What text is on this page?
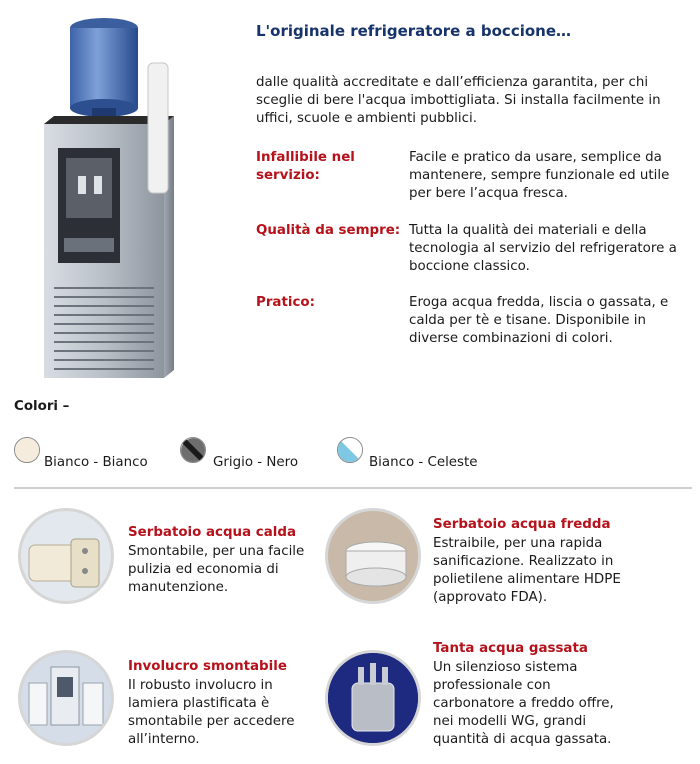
L'originale refrigeratore a boccione…
dalle qualità accreditate e dall’efficienza garantita, per chi sceglie di bere l'acqua imbottigliata. Si installa facilmente in uffici, scuole e ambienti pubblici.
Infallibile nel servizio:
Facile e pratico da usare, semplice da mantenere, sempre funzionale ed utile per bere l’acqua fresca.
Qualità da sempre: Tutta la qualità dei materiali e della tecnologia al servizio del refrigeratore a boccione classico.
Pratico:	Eroga acqua fredda, liscia o gassata, e calda per tè e tisane. Disponibile in diverse combinazioni di colori.
Colori –
Bianco - Bianco	Grigio - Nero	Bianco - Celeste
Serbatoio acqua calda
Smontabile, per una facile pulizia ed economia di manutenzione.
Serbatoio acqua fredda
Estraibile, per una rapida sanificazione. Realizzato in polietilene alimentare HDPE (approvato FDA).
Involucro smontabile
Il robusto involucro in lamiera plastificata è smontabile per accedere all’interno.
Tanta acqua gassata
Un silenzioso sistema professionale con carbonatore a freddo offre, nei modelli WG, grandi quantità di acqua gassata.
